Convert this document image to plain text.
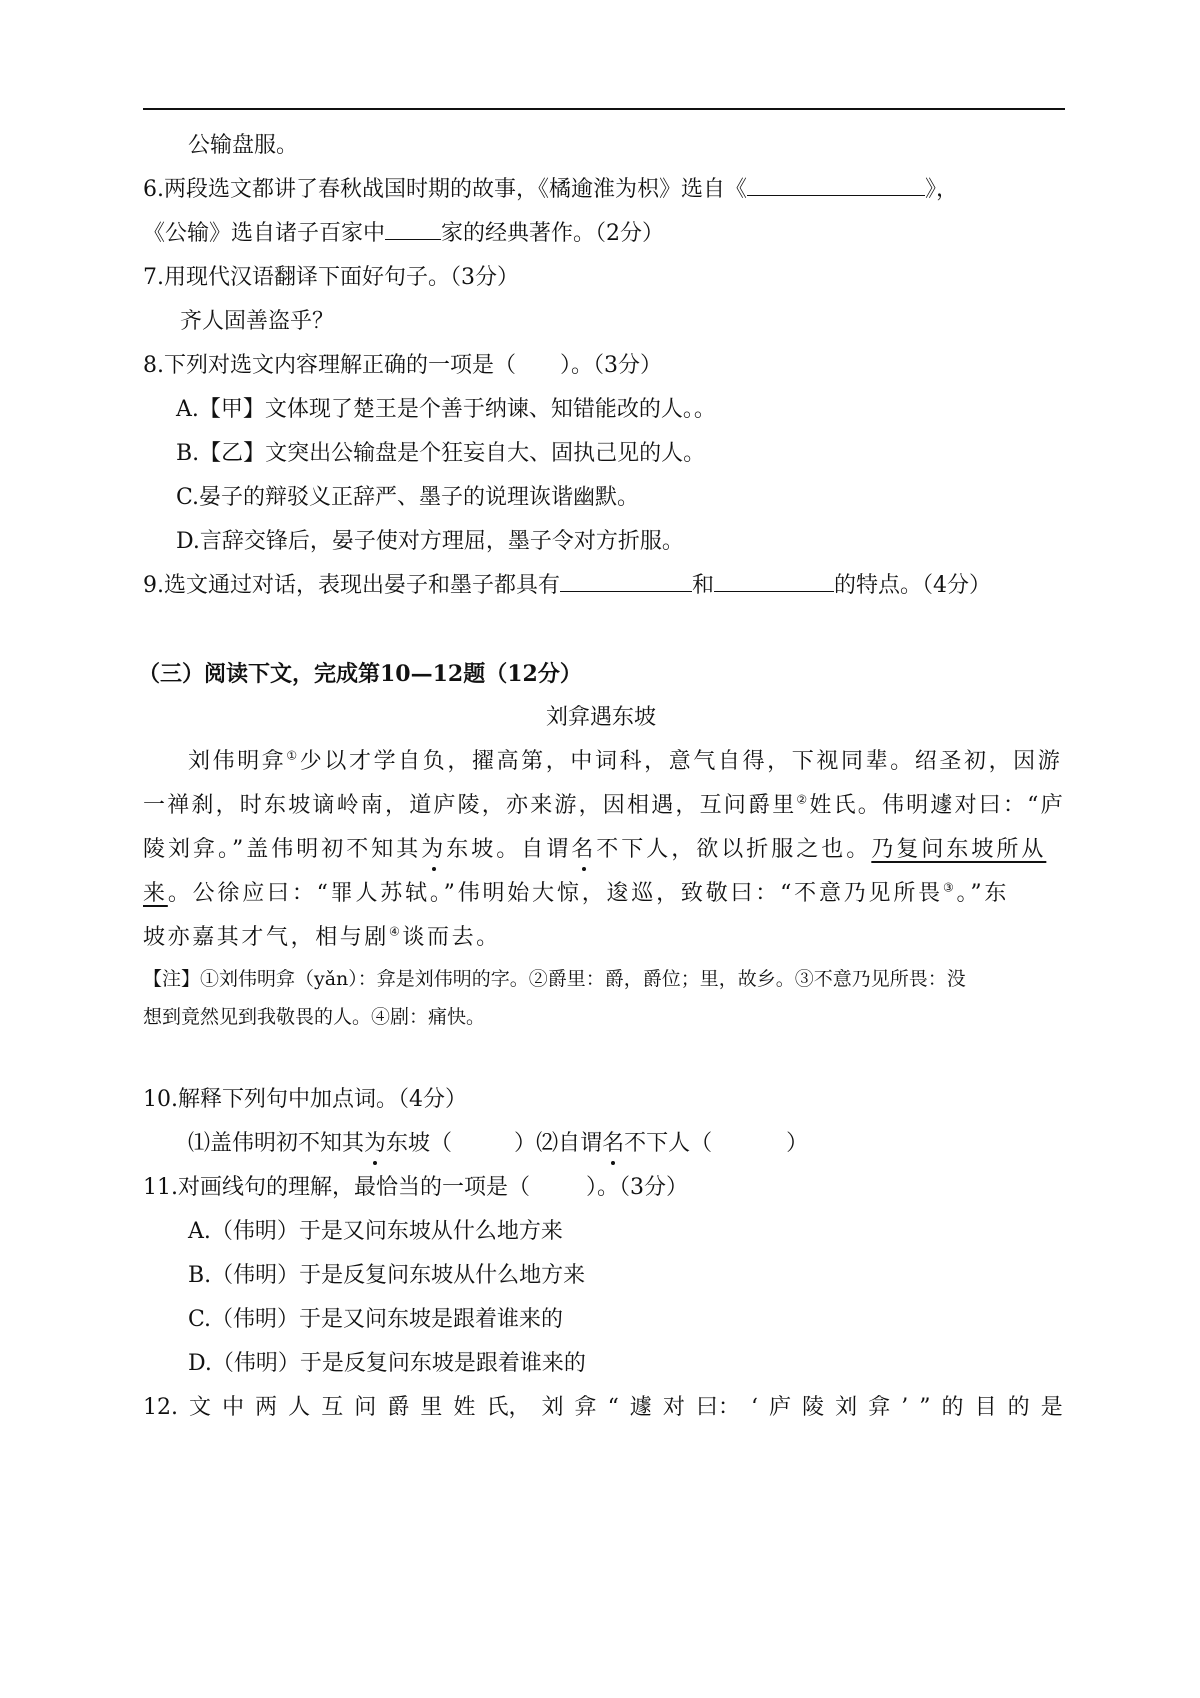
公输盘服。
6.两段选文都讲了春秋战国时期的故事，《橘逾淮为枳》选自《	》，
《公输》选自诸子百家中	家的经典著作。（2分）
7.用现代汉语翻译下面好句子。（3分）
齐人固善盗乎？
8.下列对选文内容理解正确的一项是（ ）。（3分）
A.【甲】文体现了楚王是个善于纳谏、知错能改的人。。
B.【乙】文突出公输盘是个狂妄自大、固执己见的人。
C.晏子的辩驳义正辞严、墨子的说理诙谐幽默。
D.言辞交锋后，晏子使对方理屈，墨子令对方折服。
9.选文通过对话，表现出晏子和墨子都具有	和	的特点。（4分）
（三）阅读下文，完成第10—12题（12分）
刘弇遇东坡
刘伟明弇①少以才学自负，擢高第，中词科，意气自得，下视同辈。绍圣初，因游
一禅刹，时东坡谪岭南，道庐陵，亦来游，因相遇，互问爵里②姓氏。伟明遽对曰：“庐
陵刘弇。”盖伟明初不知其为东坡。自谓名不下人，欲以折服之也。乃复问东坡所从
来。公徐应曰：“罪人苏轼。”伟明始大惊，逡巡，致敬曰：“不意乃见所畏③。”东
坡亦嘉其才气，相与剧④谈而去。
【注】①刘伟明弇（yǎn）：弇是刘伟明的字。②爵里：爵，爵位；里，故乡。③不意乃见所畏：没
想到竟然见到我敬畏的人。④剧：痛快。
10.解释下列句中加点词。（4分）
⑴盖伟明初不知其为东坡（	）⑵自谓名不下人（	）
11.对画线句的理解，最恰当的一项是（	）。（3分）
A.（伟明）于是又问东坡从什么地方来
B.（伟明）于是反复问东坡从什么地方来
C.（伟明）于是又问东坡是跟着谁来的
D.（伟明）于是反复问东坡是跟着谁来的
12. 文 中 两 人 互 问 爵 里 姓 氏， 刘 弇 “ 遽 对 曰： ‘ 庐 陵 刘 弇 ’ ” 的 目 的 是
